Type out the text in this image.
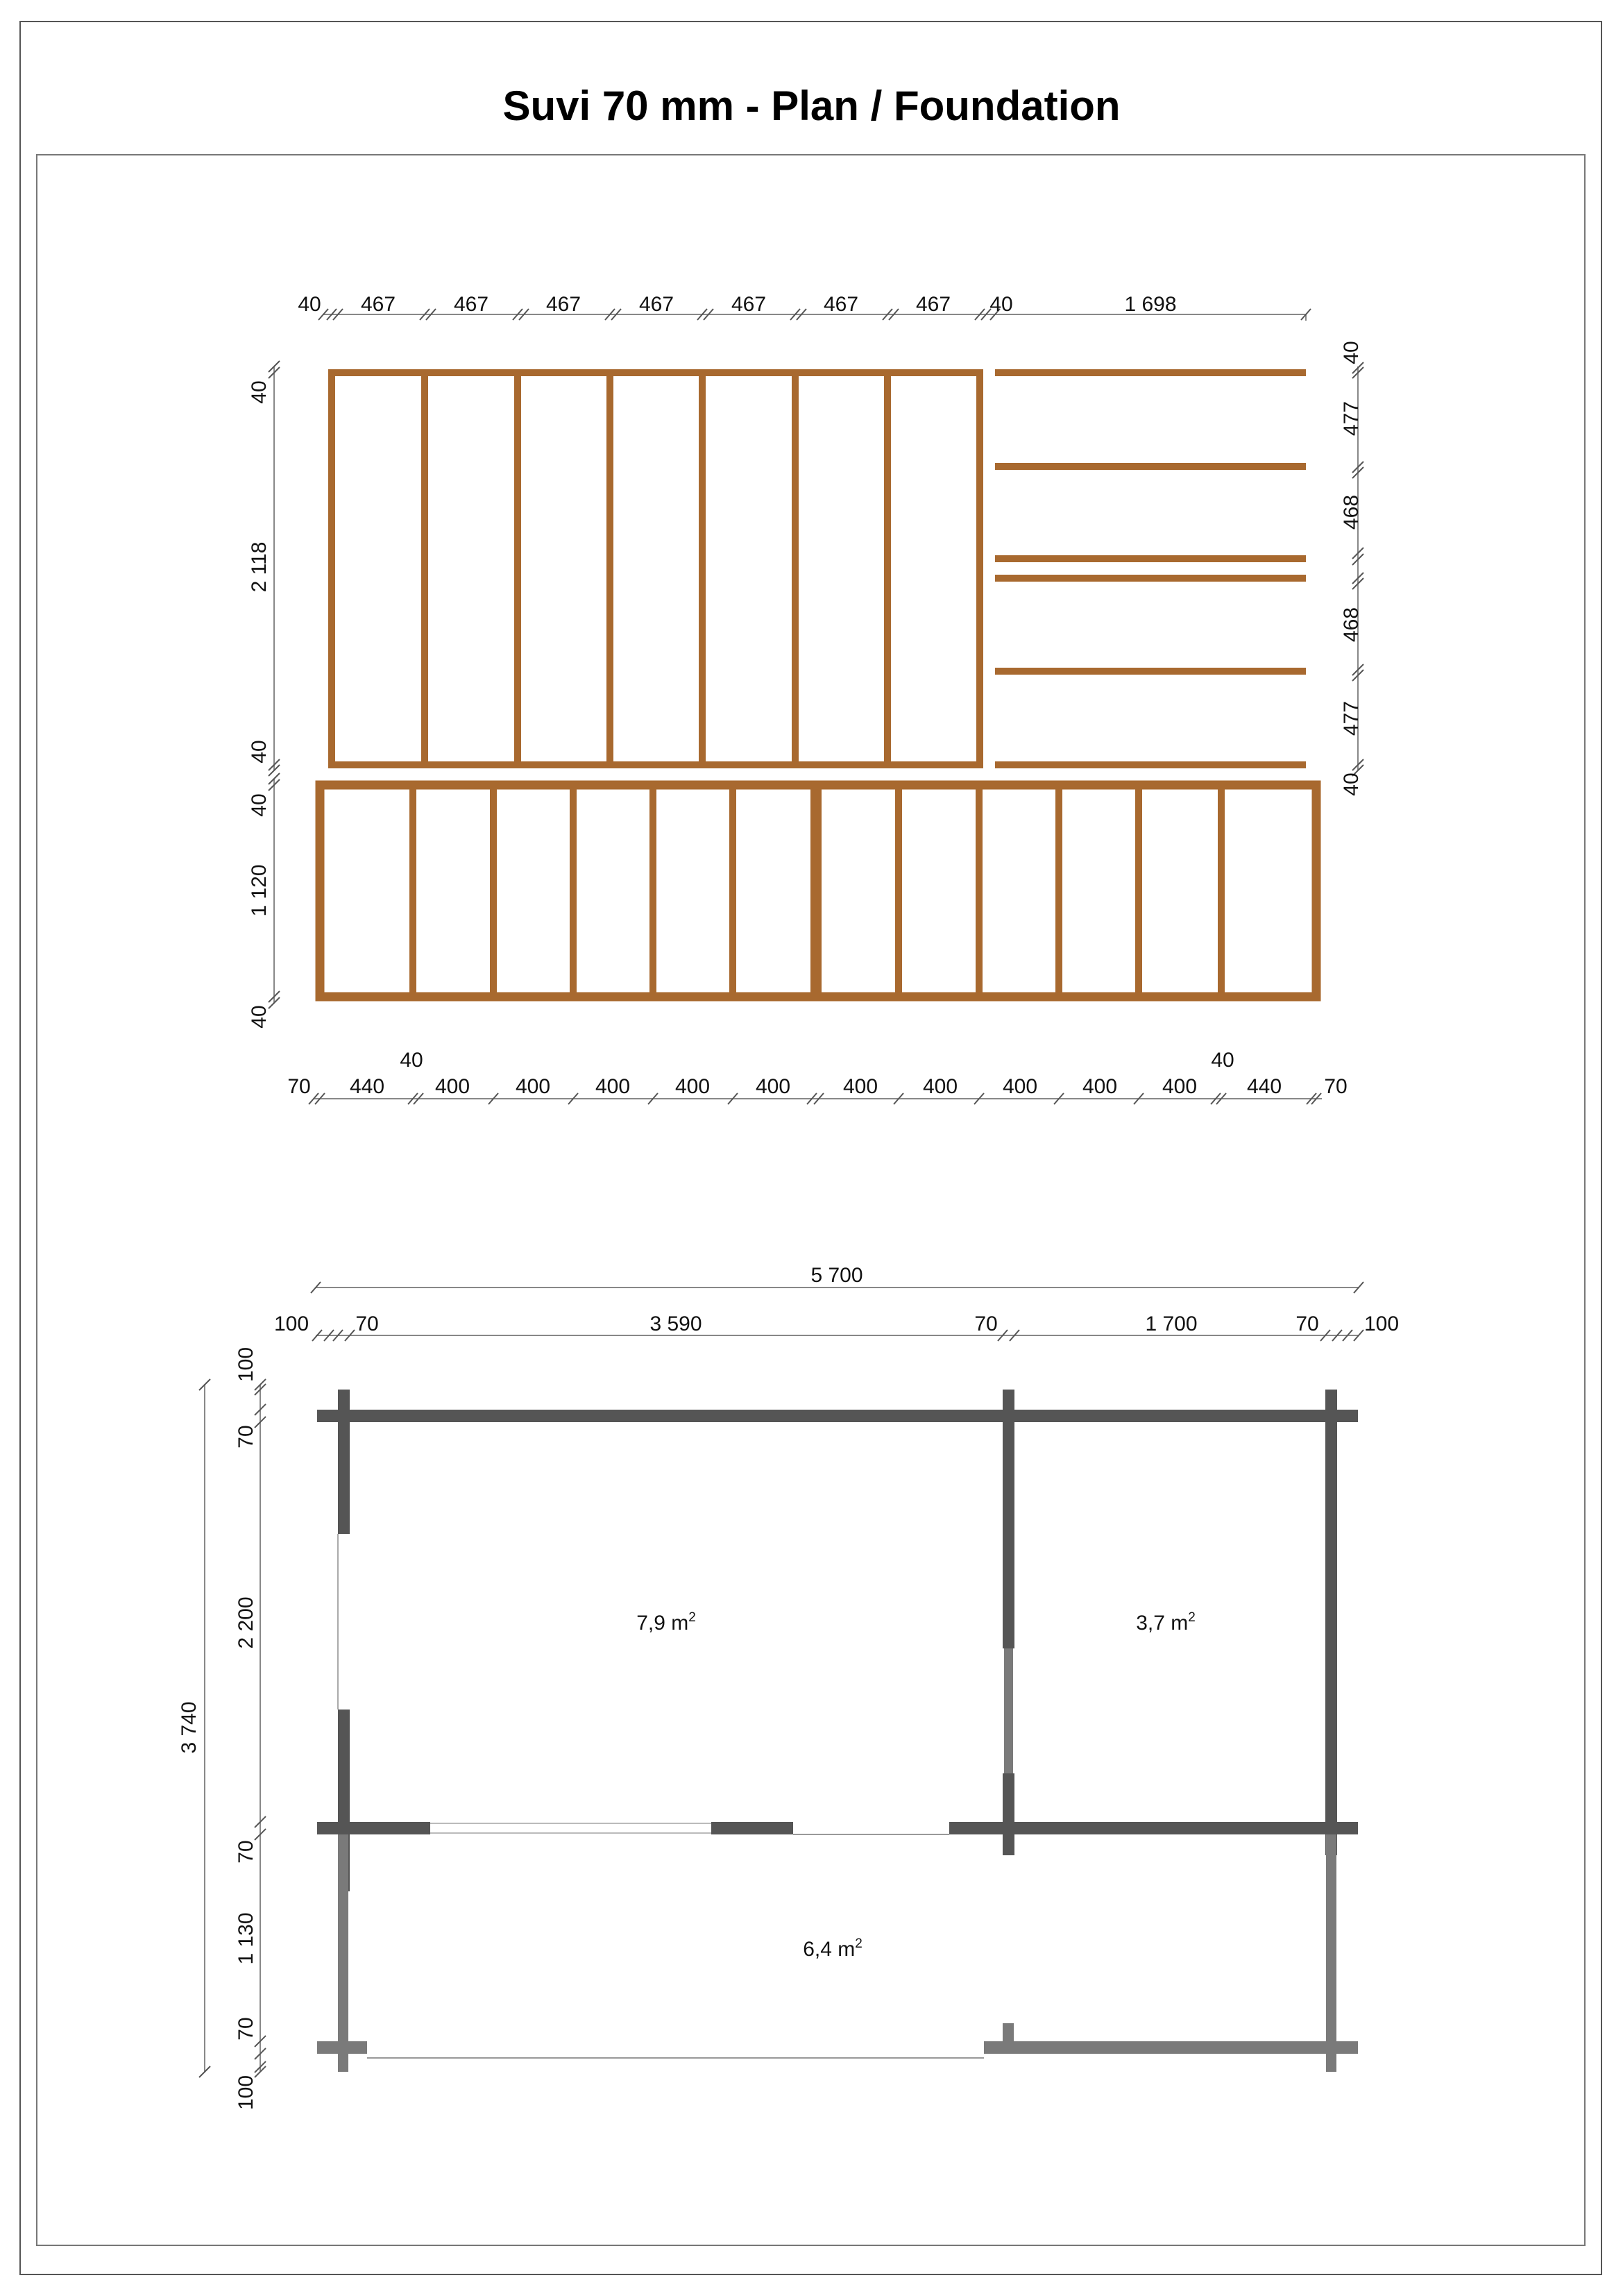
Suvi 70 mm - Plan / Foundation
40 467	467	467	467	467	467	467 40	1 698
40
2 118
40
40
1 120
40
40
477
468
468
477
40
40	40
70 440 400 400 400 400 400	400 400 400 400 400 440 70
7,9 $m^2$	3,7 $m^2$
6,4 $m^2$
5 700
100 70	3 590	70	1 700	70 100
3 740
100
70
2 200
70
1 130
70
100
